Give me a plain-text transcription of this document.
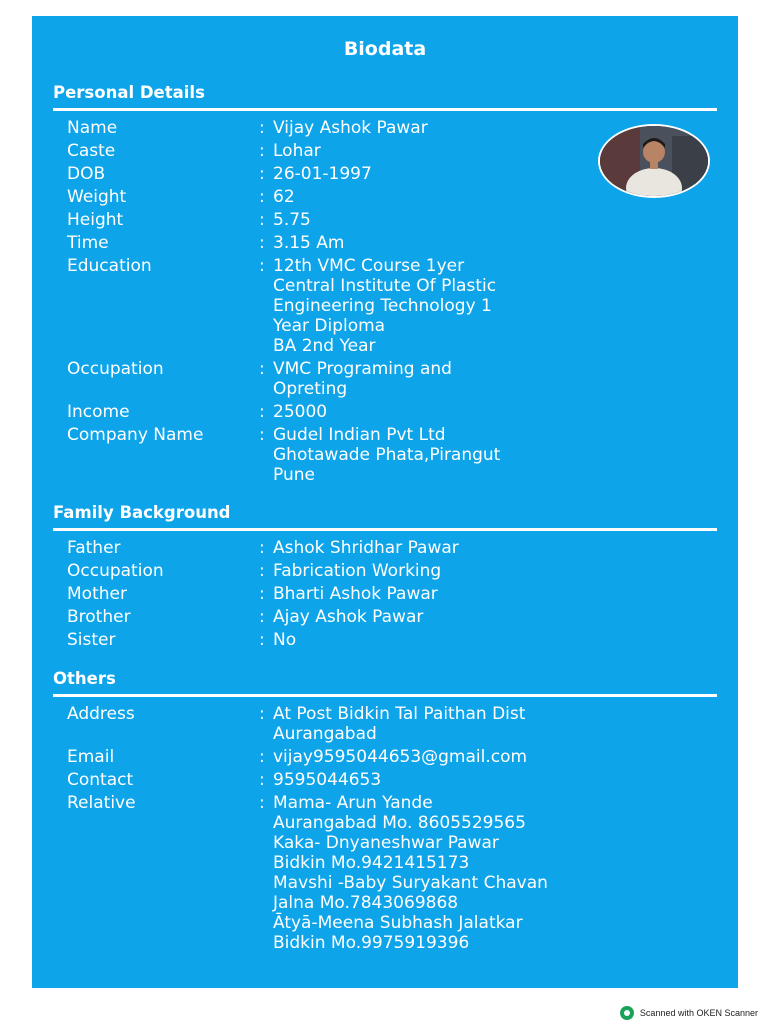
Biodata
Personal Details
Name	: Vijay Ashok Pawar
Caste	: Lohar
DOB	: 26-01-1997
Weight	: 62
Height	: 5.75
Time	: 3.15 Am
Education	: 12th VMC Course 1yer
Central Institute Of Plastic
Engineering Technology 1
Year Diploma
BA 2nd Year
Occupation	: VMC Programing and
Opreting
Income	: 25000
Company Name	: Gudel Indian Pvt Ltd
Ghotawade Phata,Pirangut
Pune
Family Background
Father	: Ashok Shridhar Pawar
Occupation	: Fabrication Working
Mother	: Bharti Ashok Pawar
Brother	: Ajay Ashok Pawar
Sister	: No
Others
Address	: At Post Bidkin Tal Paithan Dist
Aurangabad
Email	: vijay9595044653@gmail.com
Contact	: 9595044653
Relative	: Mama- Arun Yande
Aurangabad Mo. 8605529565
Kaka- Dnyaneshwar Pawar
Bidkin Mo.9421415173
Mavshi -Baby Suryakant Chavan
Jalna Mo.7843069868
Ātyā-Meena Subhash Jalatkar
Bidkin Mo.9975919396
Scanned with OKEN Scanner
